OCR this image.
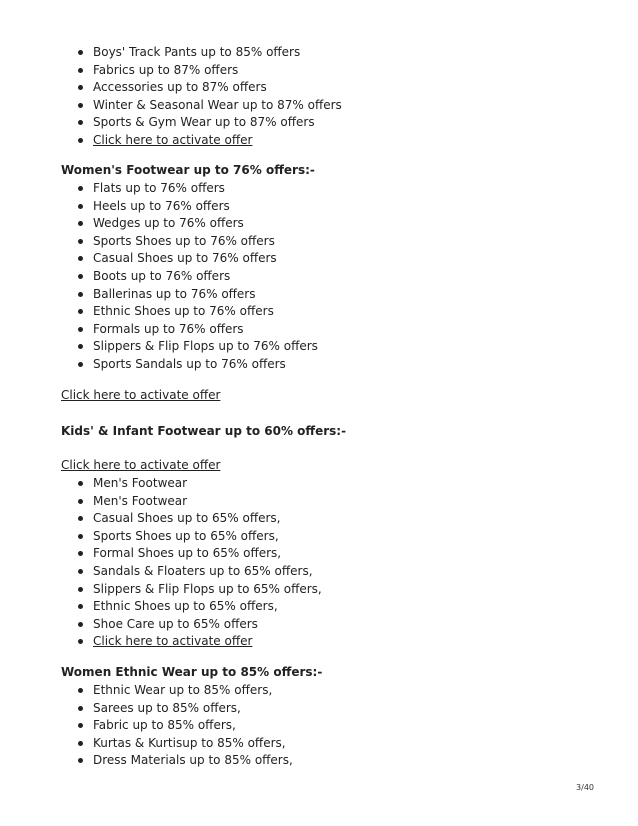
Boys' Track Pants up to 85% offers
Fabrics up to 87% offers
Accessories up to 87% offers
Winter & Seasonal Wear up to 87% offers
Sports & Gym Wear up to 87% offers
Click here to activate offer
Women's Footwear up to 76% offers:-
Flats up to 76% offers
Heels up to 76% offers
Wedges up to 76% offers
Sports Shoes up to 76% offers
Casual Shoes up to 76% offers
Boots up to 76% offers
Ballerinas up to 76% offers
Ethnic Shoes up to 76% offers
Formals up to 76% offers
Slippers & Flip Flops up to 76% offers
Sports Sandals up to 76% offers
Click here to activate offer
Kids' & Infant Footwear up to 60% offers:-
Click here to activate offer
Men's Footwear
Men's Footwear
Casual Shoes up to 65% offers,
Sports Shoes up to 65% offers,
Formal Shoes up to 65% offers,
Sandals & Floaters up to 65% offers,
Slippers & Flip Flops up to 65% offers,
Ethnic Shoes up to 65% offers,
Shoe Care up to 65% offers
Click here to activate offer
Women Ethnic Wear up to 85% offers:-
Ethnic Wear up to 85% offers,
Sarees up to 85% offers,
Fabric up to 85% offers,
Kurtas & Kurtisup to 85% offers,
Dress Materials up to 85% offers,
3/40
